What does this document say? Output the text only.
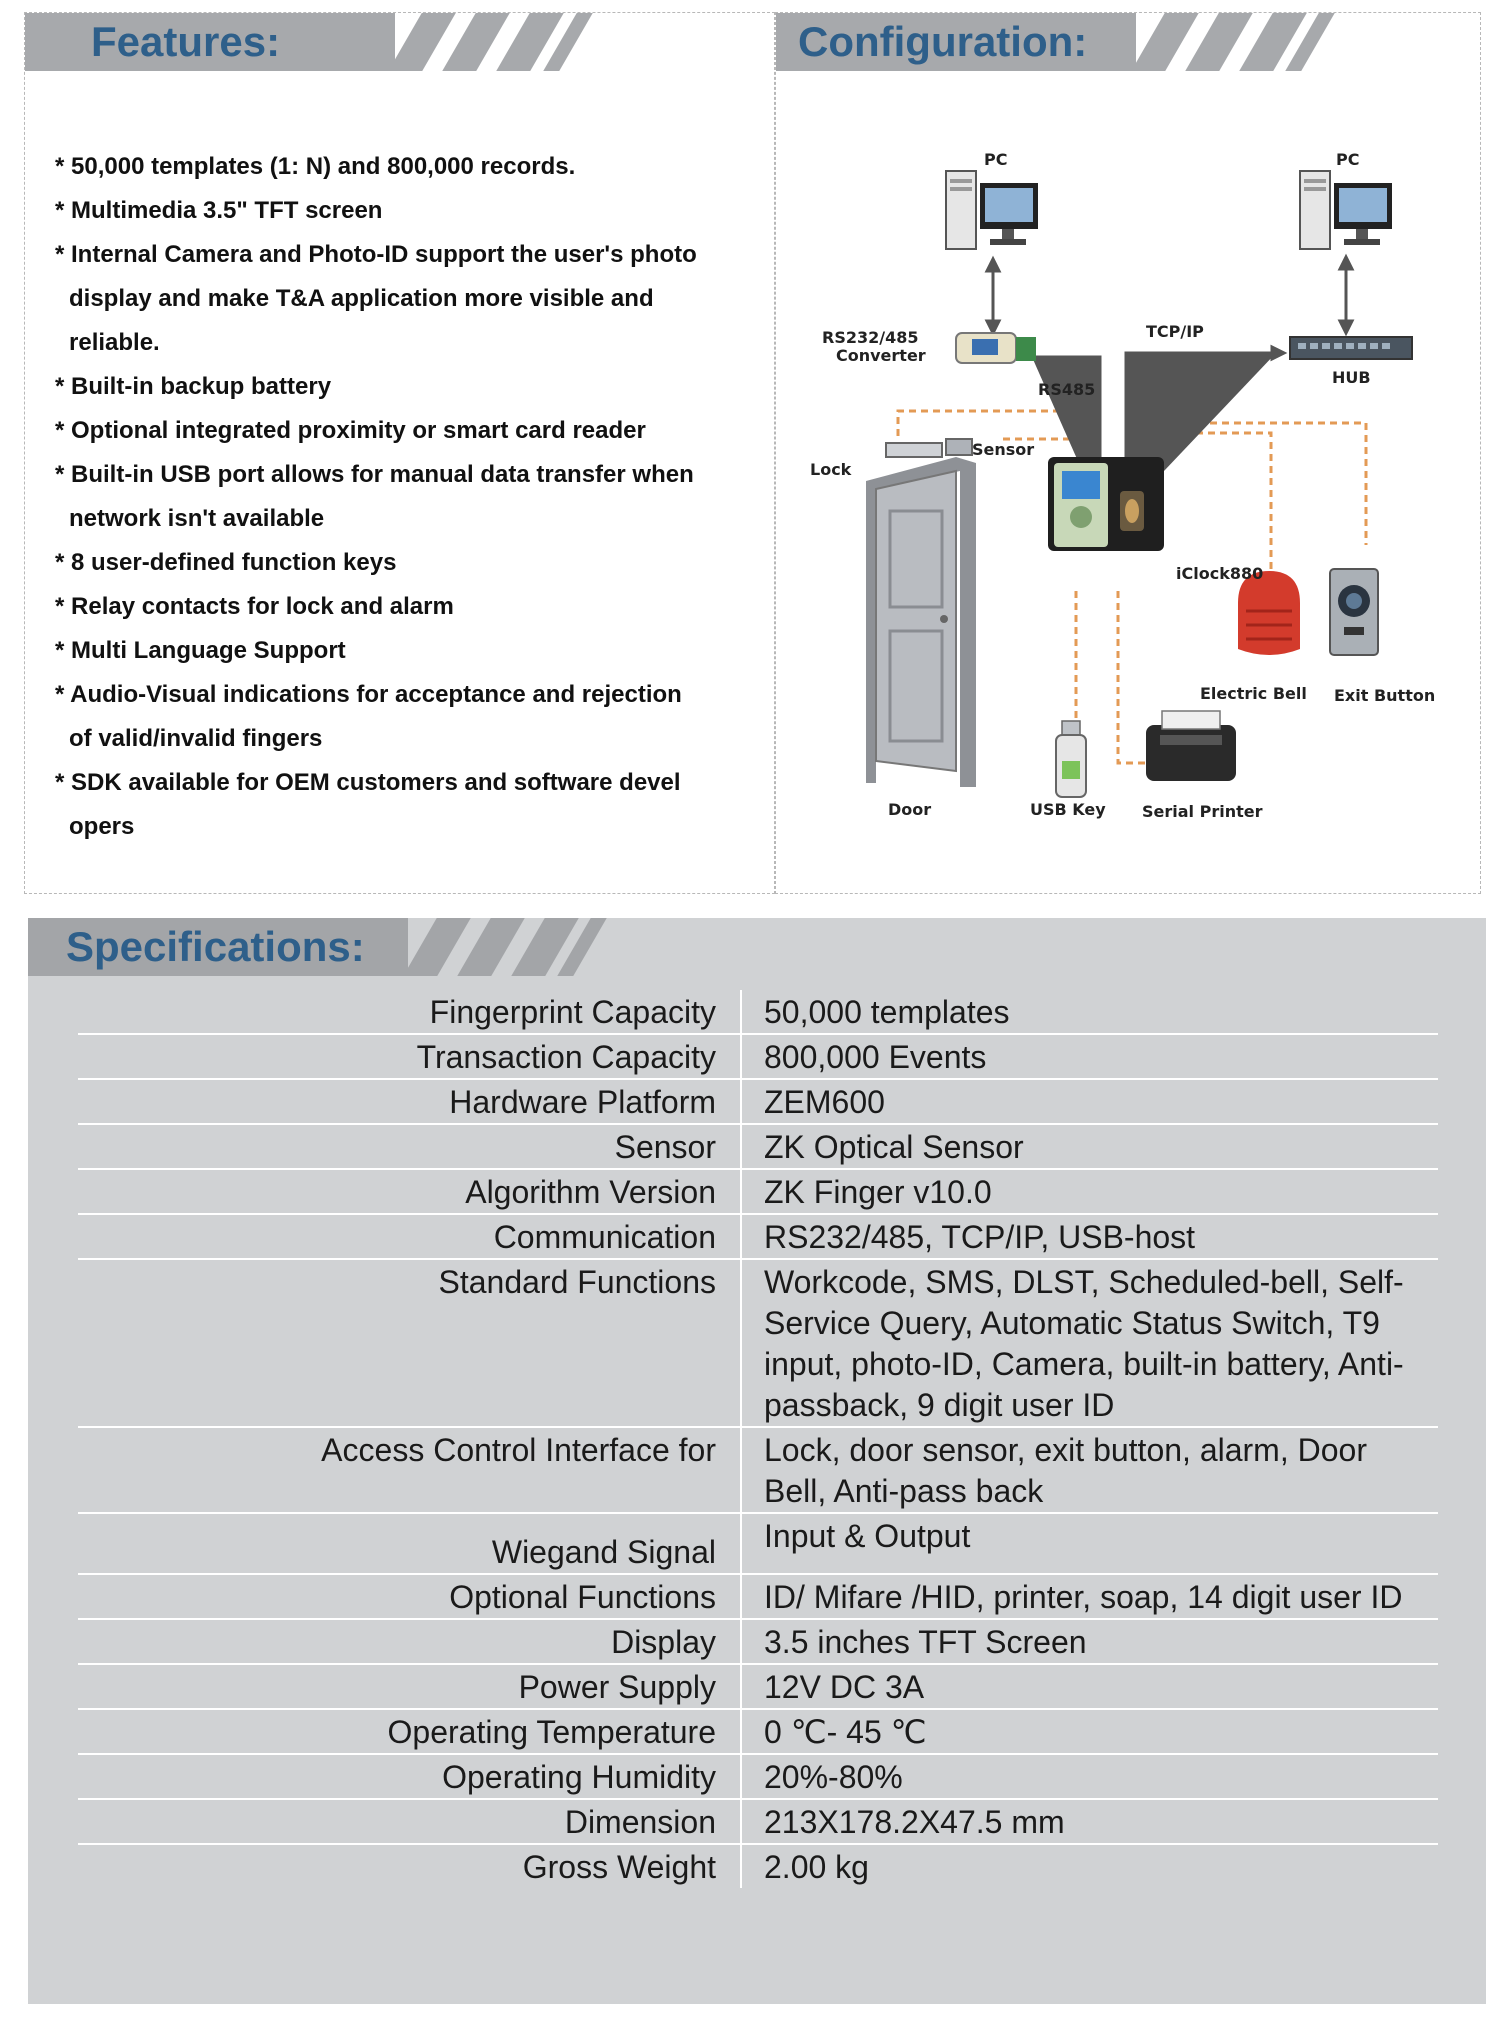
Features:
* 50,000 templates (1: N) and 800,000 records.
* Multimedia 3.5" TFT screen
* Internal Camera and Photo-ID support the user's photo
display and make T&A application more visible and
reliable.
* Built-in backup battery
* Optional integrated proximity or smart card reader
* Built-in USB port allows for manual data transfer when
network isn't available
* 8 user-defined function keys
* Relay contacts for lock and alarm
* Multi Language Support
* Audio-Visual indications for acceptance and rejection
of valid/invalid fingers
* SDK available for OEM customers and software devel
opers
Configuration:
PC	PC
RS232/485
Converter
TCP/IP
HUB
RS485
Sensor
Lock
iClock880
Electric Bell Exit Button
Door	USB Key Serial Printer
Specifications:
Fingerprint Capacity	50,000 templates
Transaction Capacity	800,000 Events
Hardware Platform	ZEM600
Sensor	ZK Optical Sensor
Algorithm Version	ZK Finger v10.0
Communication	RS232/485, TCP/IP, USB-host
Standard Functions	Workcode, SMS, DLST, Scheduled-bell, Self-Service Query, Automatic Status Switch, T9 input, photo-ID, Camera, built-in battery, Anti-passback, 9 digit user ID
Access Control Interface for	Lock, door sensor, exit button, alarm, Door Bell, Anti-pass back
Wiegand Signal	Input & Output
Optional Functions	ID/ Mifare /HID, printer, soap, 14 digit user ID
Display	3.5 inches TFT Screen
Power Supply	12V DC 3A
Operating Temperature	0 ℃- 45 ℃
Operating Humidity	20%-80%
Dimension	213X178.2X47.5 mm
Gross Weight	2.00 kg
